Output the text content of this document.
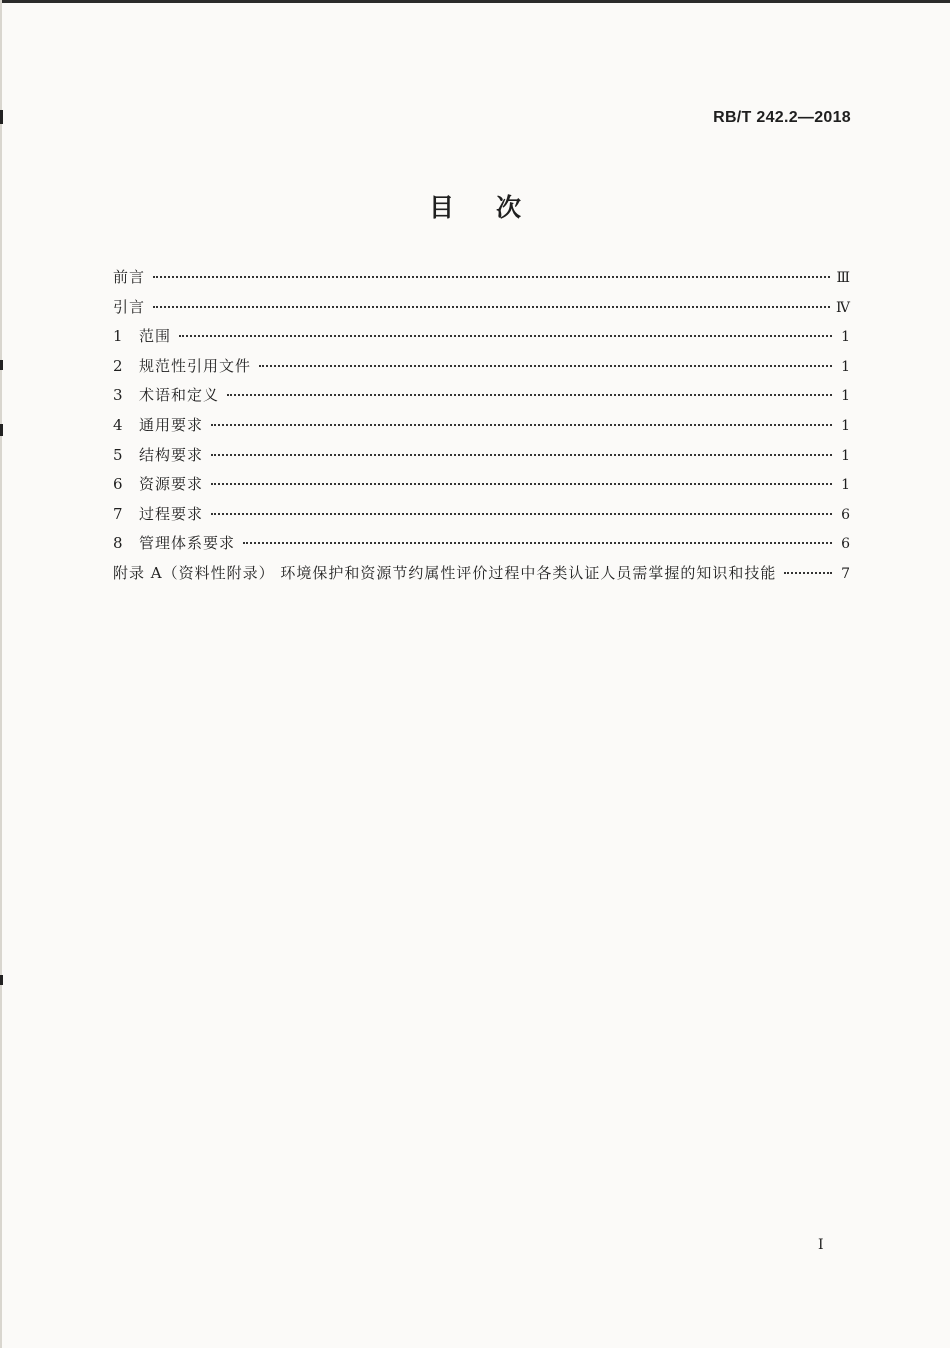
RB/T 242.2—2018
目次
前言	Ⅲ
引言	Ⅳ
1	范围	1
2	规范性引用文件	1
3	术语和定义	1
4	通用要求	1
5	结构要求	1
6	资源要求	1
7	过程要求	6
8	管理体系要求	6
附录 A（资料性附录） 环境保护和资源节约属性评价过程中各类认证人员需掌握的知识和技能	7
I
